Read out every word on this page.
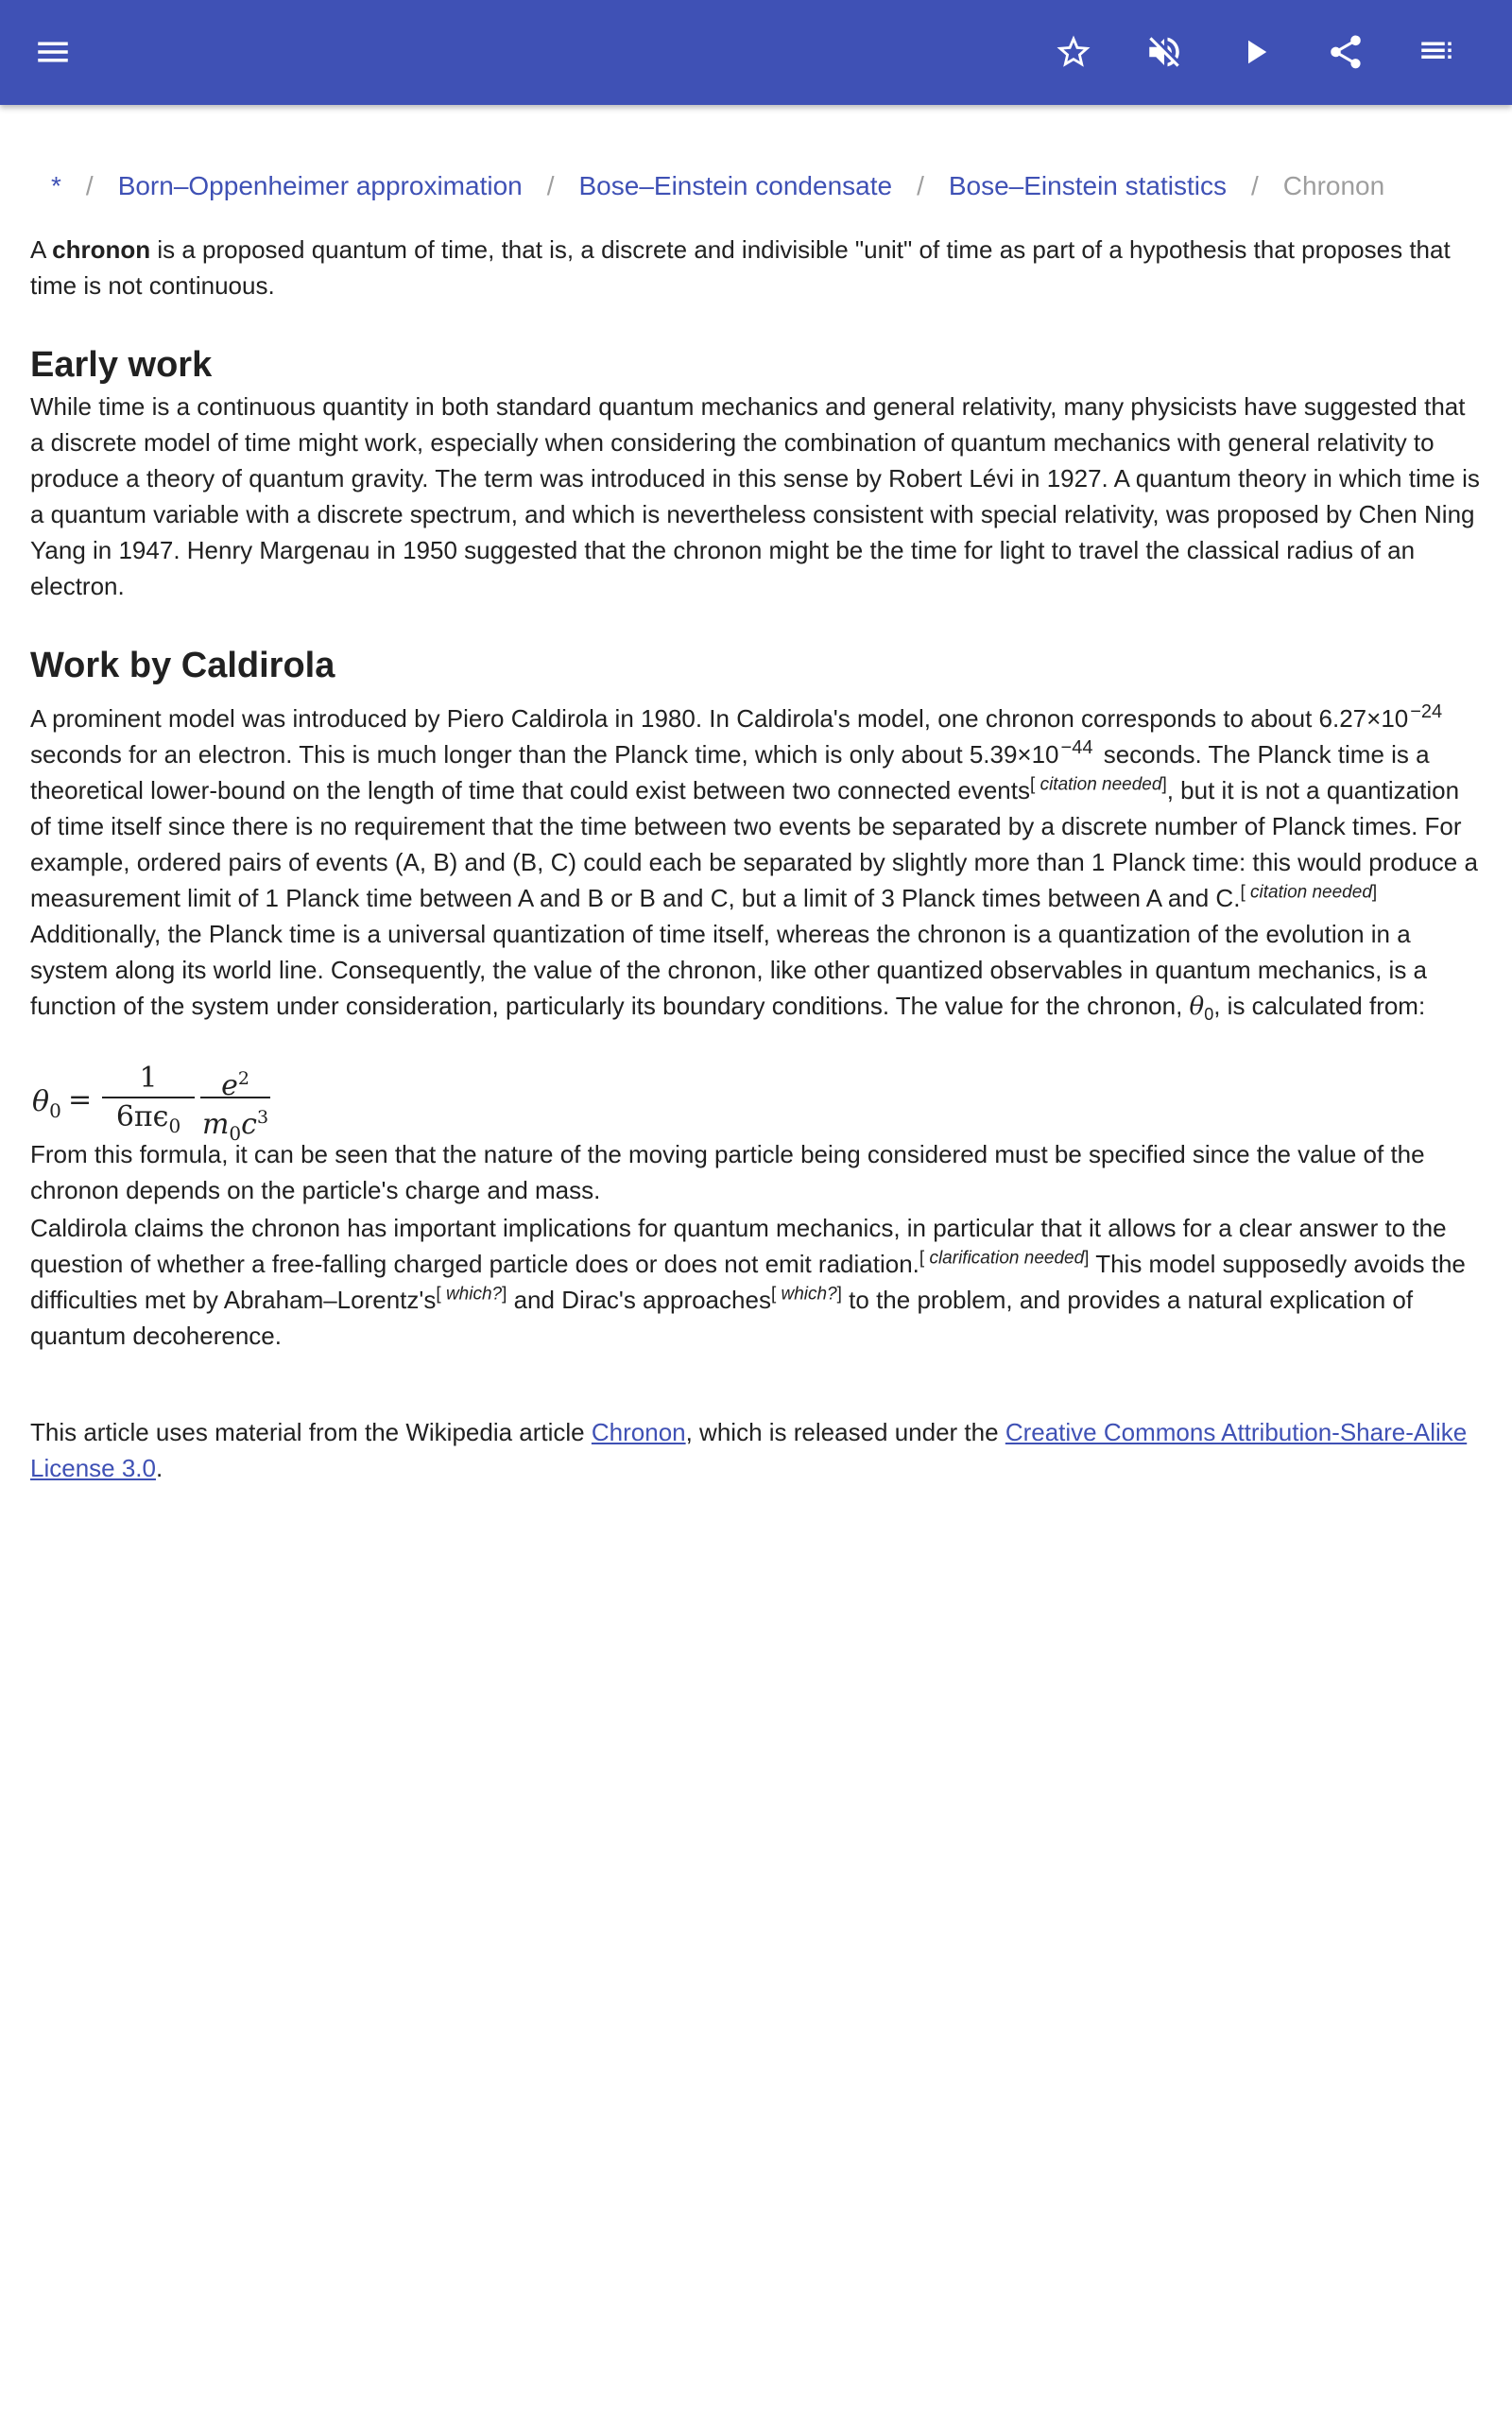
* / Born–Oppenheimer approximation / Bose–Einstein condensate / Bose–Einstein statistics / Chronon

A chronon is a proposed quantum of time, that is, a discrete and indivisible "unit" of time as part of a hypothesis that proposes that time is not continuous.

Early work

While time is a continuous quantity in both standard quantum mechanics and general relativity, many physicists have suggested that a discrete model of time might work, especially when considering the combination of quantum mechanics with general relativity to produce a theory of quantum gravity. The term was introduced in this sense by Robert Lévi in 1927. A quantum theory in which time is a quantum variable with a discrete spectrum, and which is nevertheless consistent with special relativity, was proposed by Chen Ning Yang in 1947. Henry Margenau in 1950 suggested that the chronon might be the time for light to travel the classical radius of an electron.

Work by Caldirola

A prominent model was introduced by Piero Caldirola in 1980. In Caldirola's model, one chronon corresponds to about 6.27×10 $^{-24}$ seconds for an electron. This is much longer than the Planck time, which is only about 5.39×10 $^{-44}$ seconds. The Planck time is a theoretical lower-bound on the length of time that could exist between two connected events[ citation needed], but it is not a quantization of time itself since there is no requirement that the time between two events be separated by a discrete number of Planck times. For example, ordered pairs of events (A, B) and (B, C) could each be separated by slightly more than 1 Planck time: this would produce a measurement limit of 1 Planck time between A and B or B and C, but a limit of 3 Planck times between A and C.[ citation needed] Additionally, the Planck time is a universal quantization of time itself, whereas the chronon is a quantization of the evolution in a system along its world line. Consequently, the value of the chronon, like other quantized observables in quantum mechanics, is a function of the system under consideration, particularly its boundary conditions. The value for the chronon, $\theta_0$, is calculated from:

$\theta_0$ =
1
$6\pi\epsilon_0$
$e^2$
$m_0c^3$

From this formula, it can be seen that the nature of the moving particle being considered must be specified since the value of the chronon depends on the particle's charge and mass.

Caldirola claims the chronon has important implications for quantum mechanics, in particular that it allows for a clear answer to the question of whether a free-falling charged particle does or does not emit radiation.[ clarification needed] This model supposedly avoids the difficulties met by Abraham–Lorentz's[ which?] and Dirac's approaches[ which?] to the problem, and provides a natural explication of quantum decoherence.

This article uses material from the Wikipedia article Chronon, which is released under the Creative Commons Attribution-Share-Alike License 3.0.
